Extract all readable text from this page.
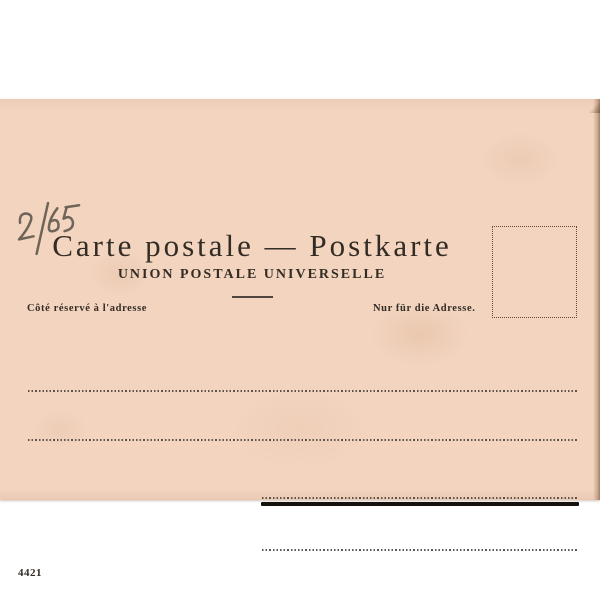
Carte postale — Postkarte
UNION POSTALE UNIVERSELLE
Côté réservé à l'adresse	Nur für die Adresse.
4421
